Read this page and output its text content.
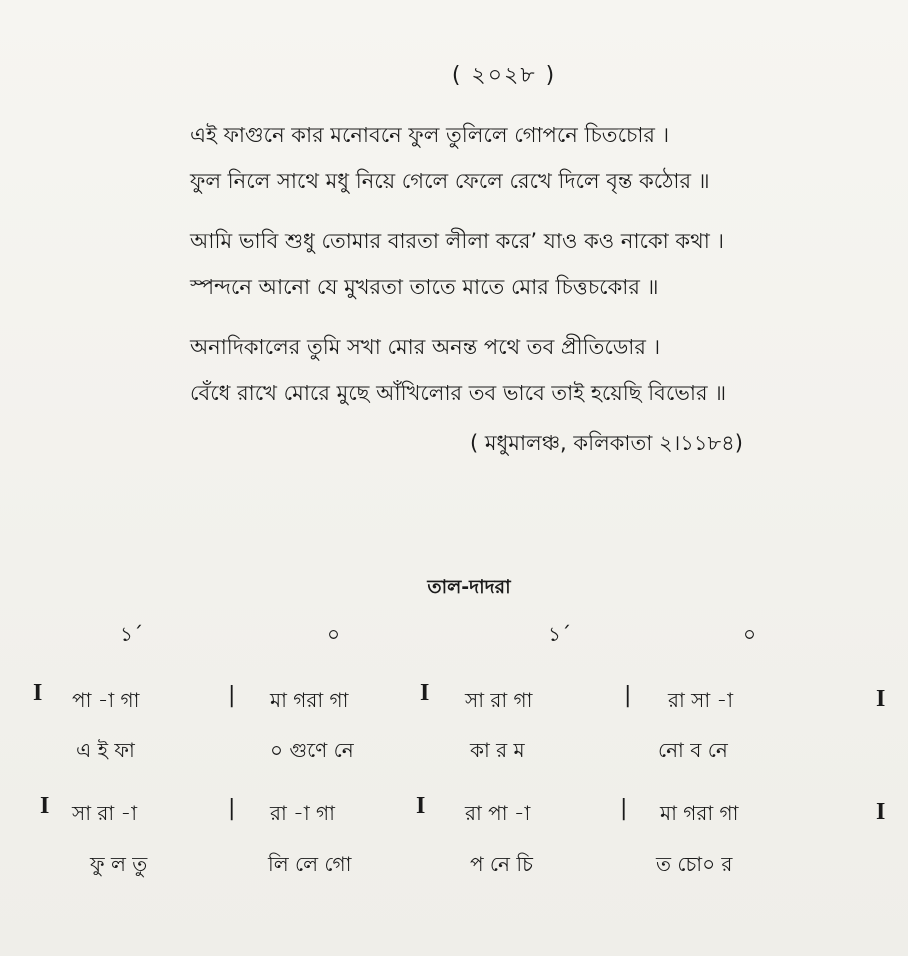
( ২০২৮ )
এই ফাগুনে কার মনোবনে ফুল তুলিলে গোপনে চিতচোর ।
ফুল নিলে সাথে মধু নিয়ে গেলে ফেলে রেখে দিলে বৃন্ত কঠোর ॥
আমি ভাবি শুধু তোমার বারতা লীলা করে’ যাও কও নাকো কথা ।
স্পন্দনে আনো যে মুখরতা তাতে মাতে মোর চিত্তচকোর ॥
অনাদিকালের তুমি সখা মোর অনন্ত পথে তব প্রীতিডোর ।
বেঁধে রাখে মোরে মুছে আঁখিলোর তব ভাবে তাই হয়েছি বিভোর ॥
( মধুমালঞ্চ, কলিকাতা ২।১১৮৪)
তাল-দাদরা
১´	০	১´	০
I পা -া গা	| মা গরা গা	I সা রা গা	| রা সা -া	I
এ ই ফা	০ গুণে নে	কা র ম	নো ব নে
I সা রা -া	| রা -া গা	I রা পা -া	| মা গরা গা	I
ফু ল তু	লি লে গো	প নে চি	ত চো০ র
